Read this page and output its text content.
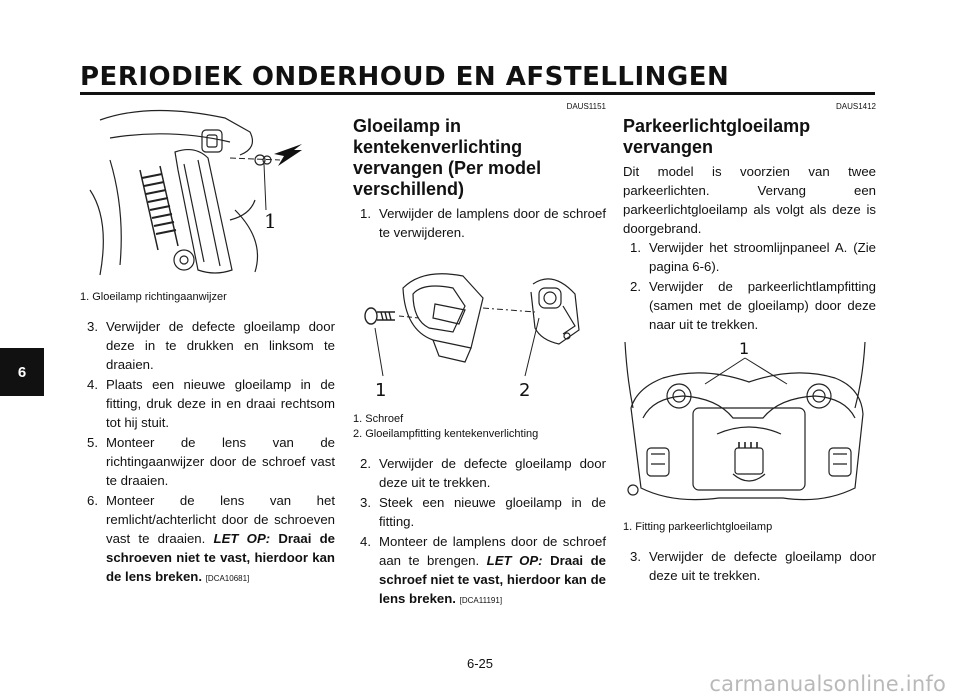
PERIODIEK ONDERHOUD EN AFSTELLINGEN
6
1
1. Gloeilamp richtingaanwijzer
3. Verwijder de defecte gloeilamp door deze in te drukken en linksom te draaien.
4. Plaats een nieuwe gloeilamp in de fitting, druk deze in en draai rechtsom tot hij stuit.
5. Monteer de lens van de richtingaanwijzer door de schroef vast te draaien.
6. Monteer de lens van het remlicht/achterlicht door de schroeven vast te draaien. LET OP: Draai de schroeven niet te vast, hierdoor kan de lens breken. [DCA10681]
DAUS1151
Gloeilamp in kentekenverlichting vervangen (Per model verschillend)
1. Verwijder de lamplens door de schroef te verwijderen.
1	2
1. Schroef
2. Gloeilampfitting kentekenverlichting
2. Verwijder de defecte gloeilamp door deze uit te trekken.
3. Steek een nieuwe gloeilamp in de fitting.
4. Monteer de lamplens door de schroef aan te brengen. LET OP: Draai de schroef niet te vast, hierdoor kan de lens breken. [DCA11191]
DAUS1412
Parkeerlichtgloeilamp vervangen
Dit model is voorzien van twee parkeerlichten. Vervang een parkeerlichtgloeilamp als volgt als deze is doorgebrand.
1. Verwijder het stroomlijnpaneel A. (Zie pagina 6-6).
2. Verwijder de parkeerlichtlampfitting (samen met de gloeilamp) door deze naar uit te trekken.
1
1. Fitting parkeerlichtgloeilamp
3. Verwijder de defecte gloeilamp door deze uit te trekken.
6-25
carmanualsonline.info
